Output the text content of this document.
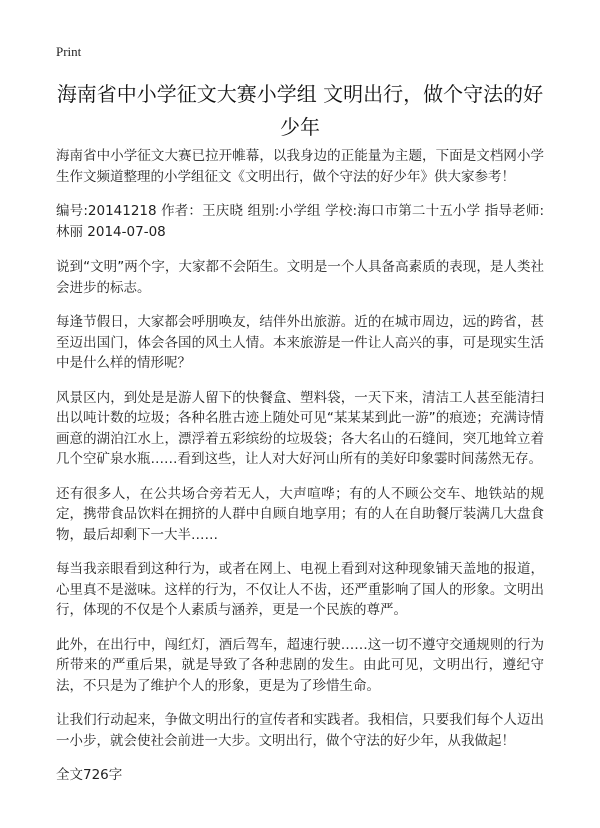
Print
海南省中小学征文大赛小学组 文明出行，做个守法的好少年

海南省中小学征文大赛已拉开帷幕，以我身边的正能量为主题，下面是文档网小学生作文频道整理的小学组征文《文明出行，做个守法的好少年》供大家参考！

编号:20141218 作者：王庆晓 组别:小学组 学校:海口市第二十五小学 指导老师:林丽 2014-07-08

说到“文明”两个字，大家都不会陌生。文明是一个人具备高素质的表现，是人类社会进步的标志。

每逢节假日，大家都会呼朋唤友，结伴外出旅游。近的在城市周边，远的跨省，甚至迈出国门，体会各国的风土人情。本来旅游是一件让人高兴的事，可是现实生活中是什么样的情形呢？

风景区内，到处是是游人留下的快餐盒、塑料袋，一天下来，清洁工人甚至能清扫出以吨计数的垃圾；各种名胜古迹上随处可见“某某某到此一游”的痕迹；充满诗情画意的湖泊江水上，漂浮着五彩缤纷的垃圾袋；各大名山的石缝间，突兀地耸立着几个空矿泉水瓶……看到这些，让人对大好河山所有的美好印象霎时间荡然无存。

还有很多人，在公共场合旁若无人，大声喧哗；有的人不顾公交车、地铁站的规定，携带食品饮料在拥挤的人群中自顾自地享用；有的人在自助餐厅装满几大盘食物，最后却剩下一大半……

每当我亲眼看到这种行为，或者在网上、电视上看到对这种现象铺天盖地的报道，心里真不是滋味。这样的行为，不仅让人不齿，还严重影响了国人的形象。文明出行，体现的不仅是个人素质与涵养，更是一个民族的尊严。

此外，在出行中，闯红灯，酒后驾车，超速行驶……这一切不遵守交通规则的行为所带来的严重后果，就是导致了各种悲剧的发生。由此可见，文明出行，遵纪守法，不只是为了维护个人的形象，更是为了珍惜生命。

让我们行动起来，争做文明出行的宣传者和实践者。我相信，只要我们每个人迈出一小步，就会使社会前进一大步。文明出行，做个守法的好少年，从我做起！

全文726字
